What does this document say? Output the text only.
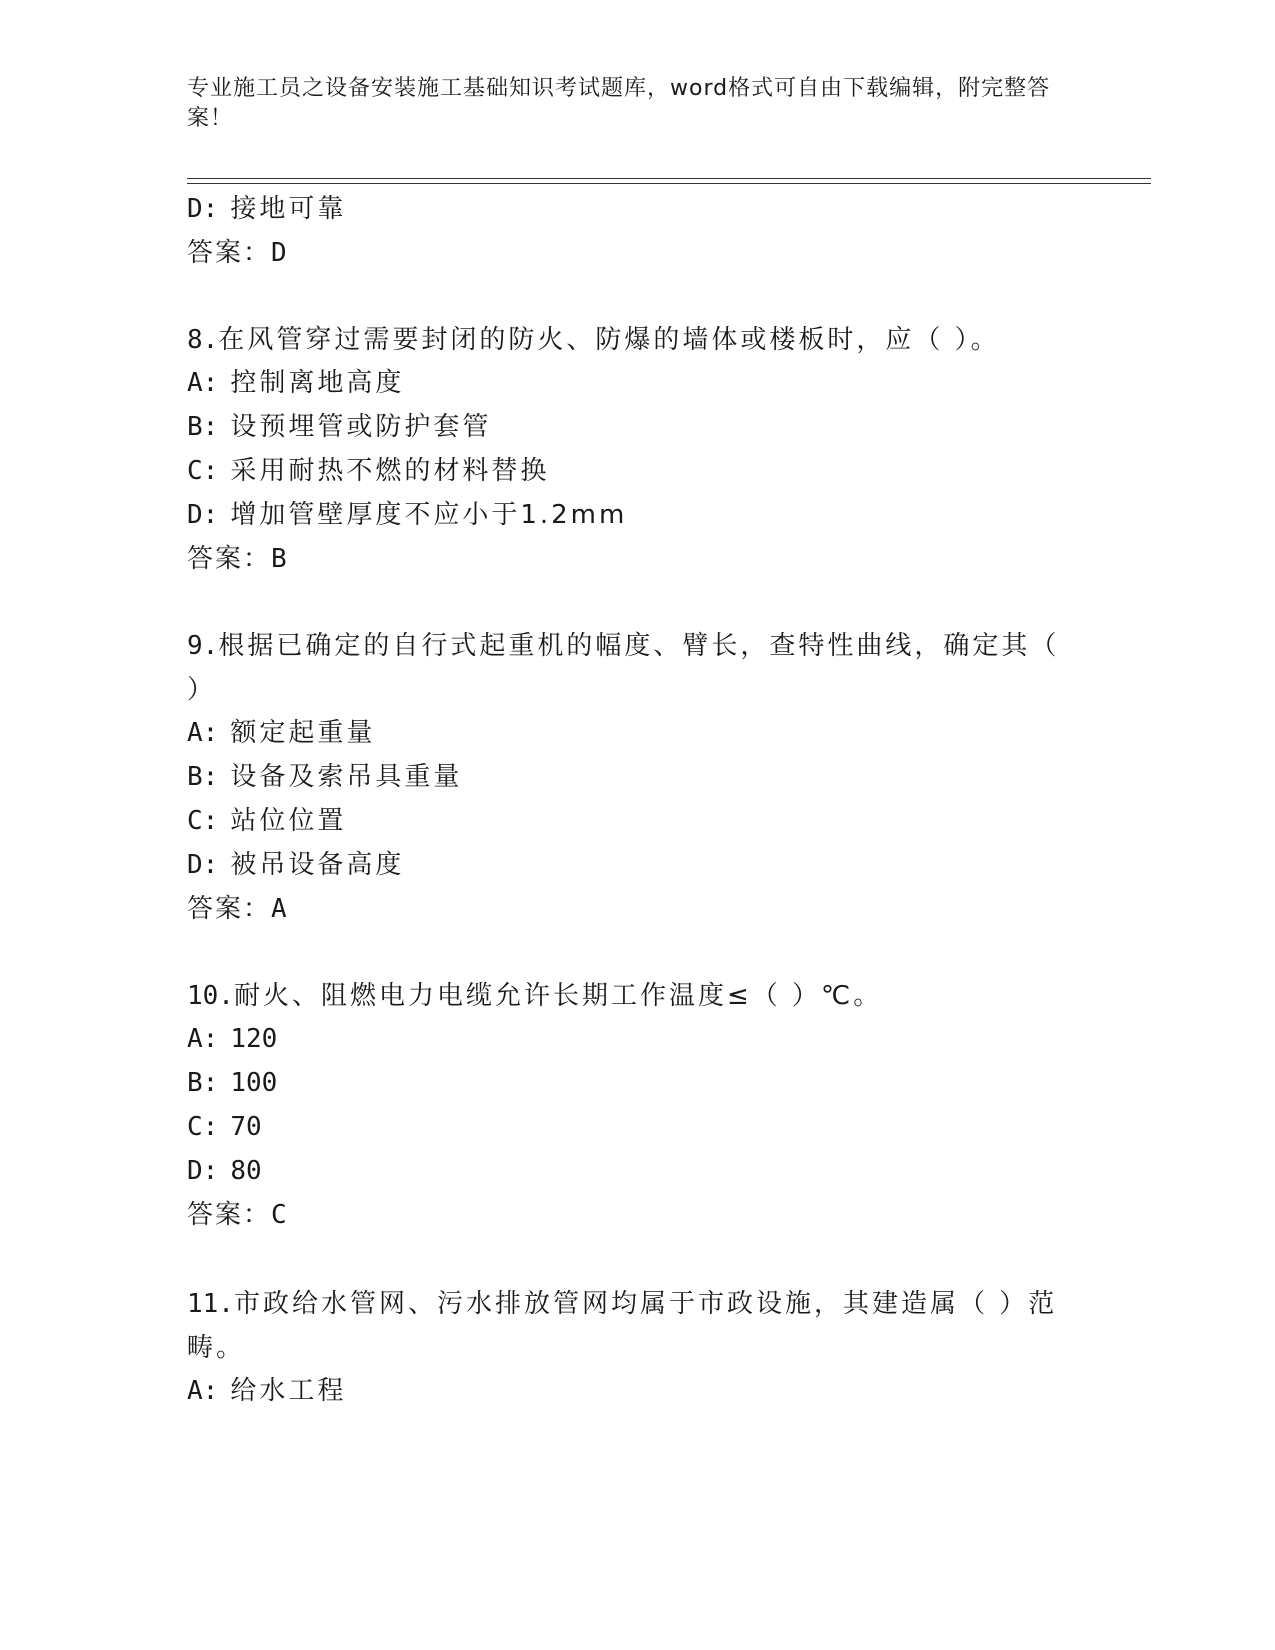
专业施工员之设备安装施工基础知识考试题库，word格式可自由下载编辑，附完整答案！
D: 接地可靠
答案：D
8.在风管穿过需要封闭的防火、防爆的墙体或楼板时，应（ ）。
A: 控制离地高度
B: 设预埋管或防护套管
C: 采用耐热不燃的材料替换
D: 增加管壁厚度不应小于1.2mm
答案：B
9.根据已确定的自行式起重机的幅度、臂长，查特性曲线，确定其（ ）
A: 额定起重量
B: 设备及索吊具重量
C: 站位位置
D: 被吊设备高度
答案：A
10.耐火、阻燃电力电缆允许长期工作温度≤（ ）℃。
A: 120
B: 100
C: 70
D: 80
答案：C
11.市政给水管网、污水排放管网均属于市政设施，其建造属（ ）范畴。
A: 给水工程
